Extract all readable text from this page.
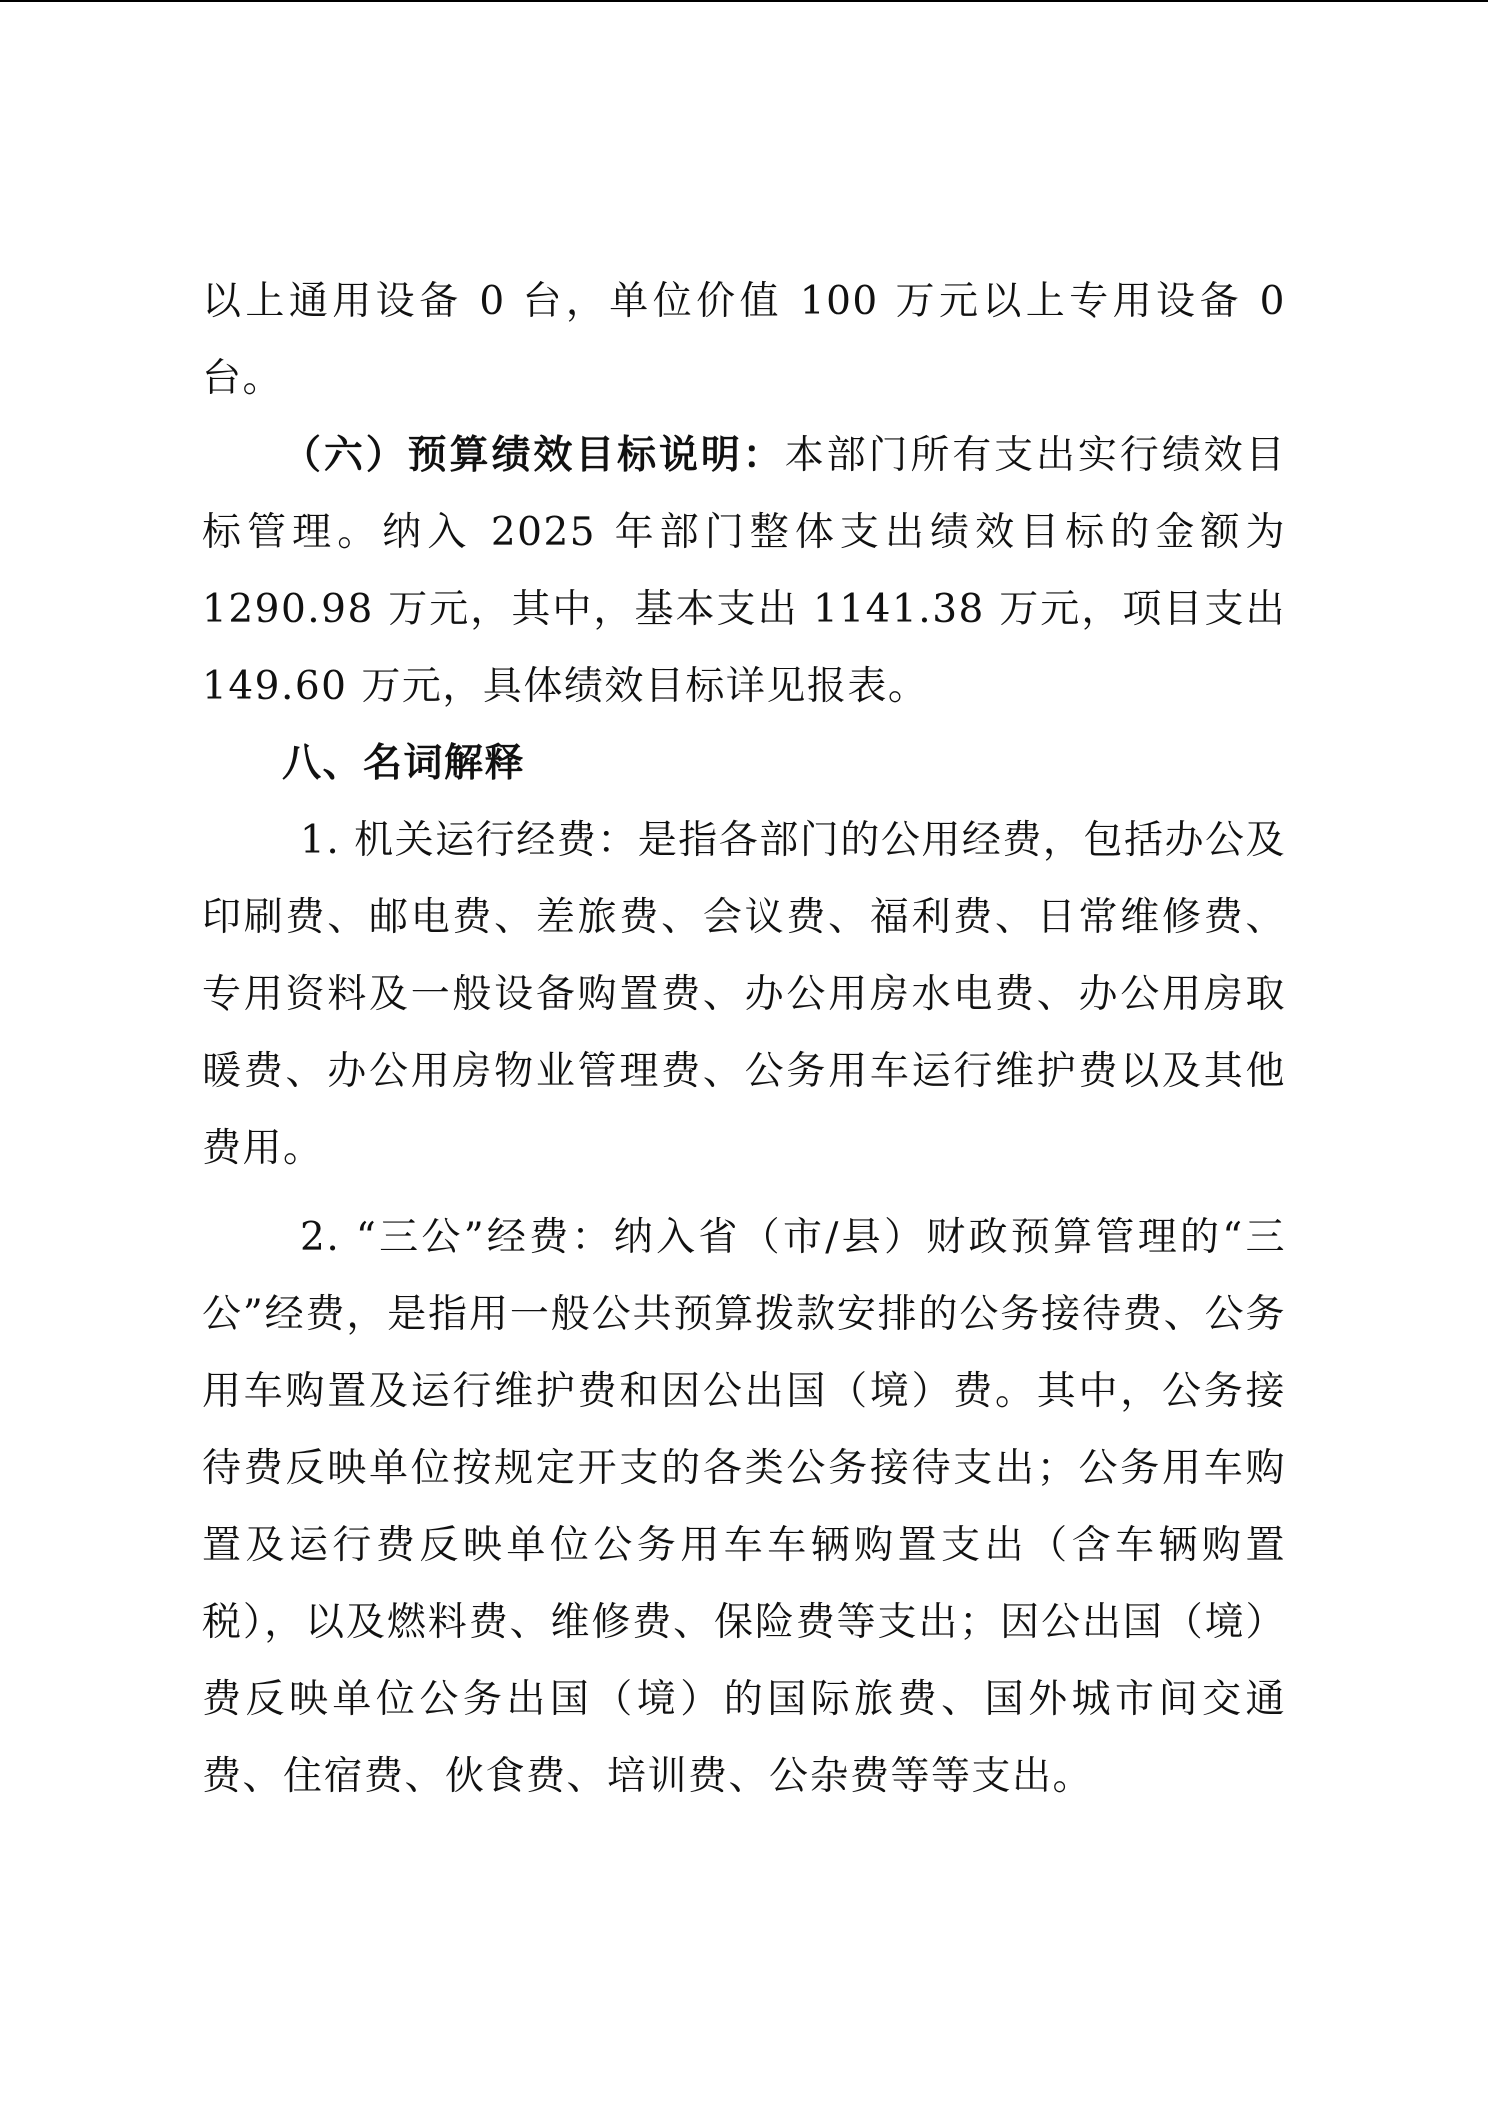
以上通用设备 0 台，单位价值 100 万元以上专用设备 0 台。

（六）预算绩效目标说明：本部门所有支出实行绩效目标管理。纳入 2025 年部门整体支出绩效目标的金额为 1290.98 万元，其中，基本支出 1141.38 万元，项目支出 149.60 万元，具体绩效目标详见报表。

八、名词解释

1. 机关运行经费：是指各部门的公用经费，包括办公及印刷费、邮电费、差旅费、会议费、福利费、日常维修费、专用资料及一般设备购置费、办公用房水电费、办公用房取暖费、办公用房物业管理费、公务用车运行维护费以及其他费用。

2. “三公”经费：纳入省（市/县）财政预算管理的“三公”经费，是指用一般公共预算拨款安排的公务接待费、公务用车购置及运行维护费和因公出国（境）费。其中，公务接待费反映单位按规定开支的各类公务接待支出；公务用车购置及运行费反映单位公务用车车辆购置支出（含车辆购置税），以及燃料费、维修费、保险费等支出；因公出国（境）费反映单位公务出国（境）的国际旅费、国外城市间交通费、住宿费、伙食费、培训费、公杂费等等支出。
